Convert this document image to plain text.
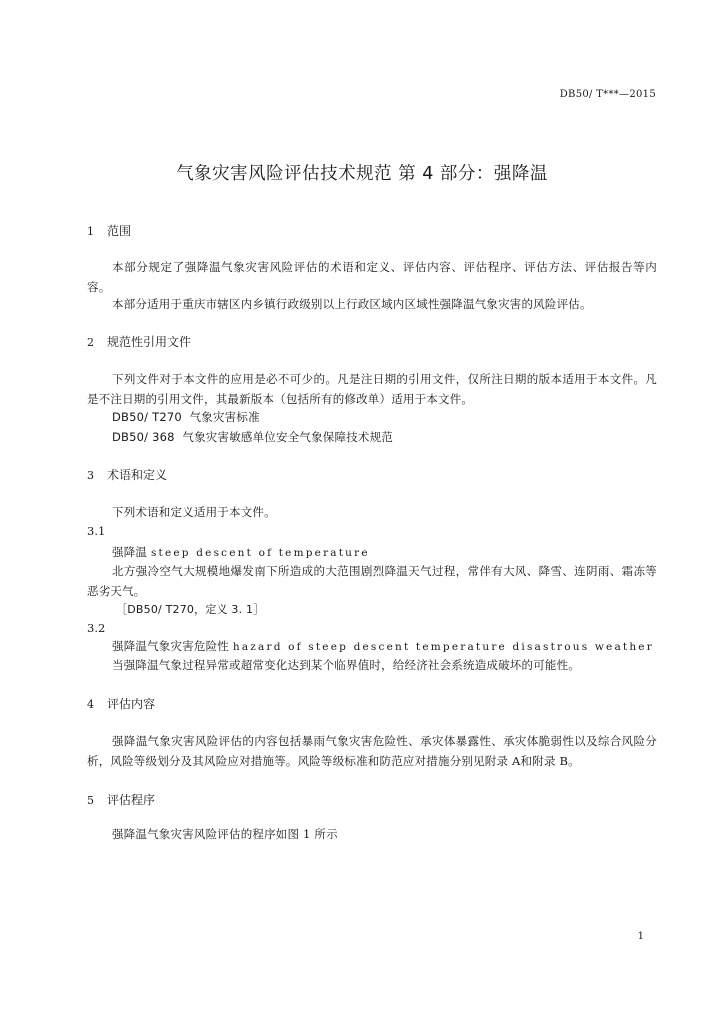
DB50/ T***—2015
气象灾害风险评估技术规范 第 4 部分：强降温
1 范围
本部分规定了强降温气象灾害风险评估的术语和定义、评估内容、评估程序、评估方法、评估报告等内容。
本部分适用于重庆市辖区内乡镇行政级别以上行政区域内区域性强降温气象灾害的风险评估。
2 规范性引用文件
下列文件对于本文件的应用是必不可少的。凡是注日期的引用文件，仅所注日期的版本适用于本文件。凡是不注日期的引用文件，其最新版本（包括所有的修改单）适用于本文件。
DB50/ T270 气象灾害标准
DB50/ 368 气象灾害敏感单位安全气象保障技术规范
3 术语和定义
下列术语和定义适用于本文件。
3.1
强降温 steep descent of temperature
北方强冷空气大规模地爆发南下所造成的大范围剧烈降温天气过程，常伴有大风、降雪、连阴雨、霜冻等恶劣天气。
［DB50/ T270，定义 3. 1］
3.2
强降温气象灾害危险性 hazard of steep descent temperature disastrous weather
当强降温气象过程异常或超常变化达到某个临界值时，给经济社会系统造成破坏的可能性。
4 评估内容
强降温气象灾害风险评估的内容包括暴雨气象灾害危险性、承灾体暴露性、承灾体脆弱性以及综合风险分析，风险等级划分及其风险应对措施等。风险等级标准和防范应对措施分别见附录 A和附录 B。
5 评估程序
强降温气象灾害风险评估的程序如图 1 所示
1
